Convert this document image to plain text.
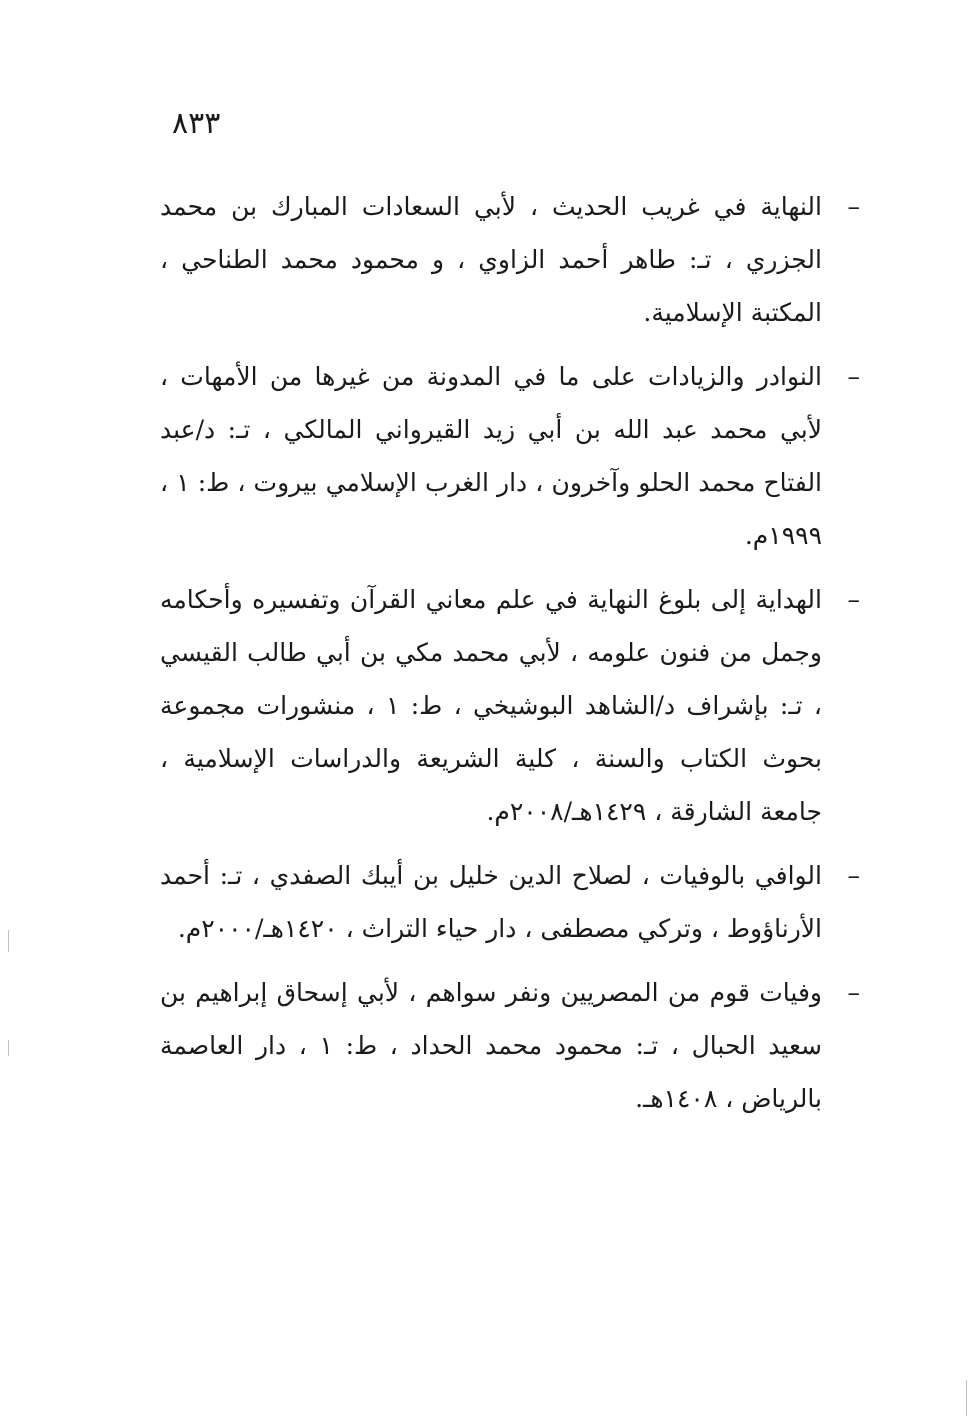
٨٣٣
–
النهاية في غريب الحديث ، لأبي السعادات المبارك بن محمد الجزري ، تـ: طاهر أحمد الزاوي ، و محمود محمد الطناحي ، المكتبة الإسلامية.
–
النوادر والزيادات على ما في المدونة من غيرها من الأمهات ، لأبي محمد عبد الله بن أبي زيد القيرواني المالكي ، تـ: د/عبد الفتاح محمد الحلو وآخرون ، دار الغرب الإسلامي بيروت ، ط: ١ ، ١٩٩٩م.
–
الهداية إلى بلوغ النهاية في علم معاني القرآن وتفسيره وأحكامه وجمل من فنون علومه ، لأبي محمد مكي بن أبي طالب القيسي ، تـ: بإشراف د/الشاهد البوشيخي ، ط: ١ ، منشورات مجموعة بحوث الكتاب والسنة ، كلية الشريعة والدراسات الإسلامية ، جامعة الشارقة ، ١٤٢٩هـ/٢٠٠٨م.
–
الوافي بالوفيات ، لصلاح الدين خليل بن أيبك الصفدي ، تـ: أحمد الأرناؤوط ، وتركي مصطفى ، دار حياء التراث ، ١٤٢٠هـ/٢٠٠٠م.
–
وفيات قوم من المصريين ونفر سواهم ، لأبي إسحاق إبراهيم بن سعيد الحبال ، تـ: محمود محمد الحداد ، ط: ١ ، دار العاصمة بالرياض ، ١٤٠٨هـ.
